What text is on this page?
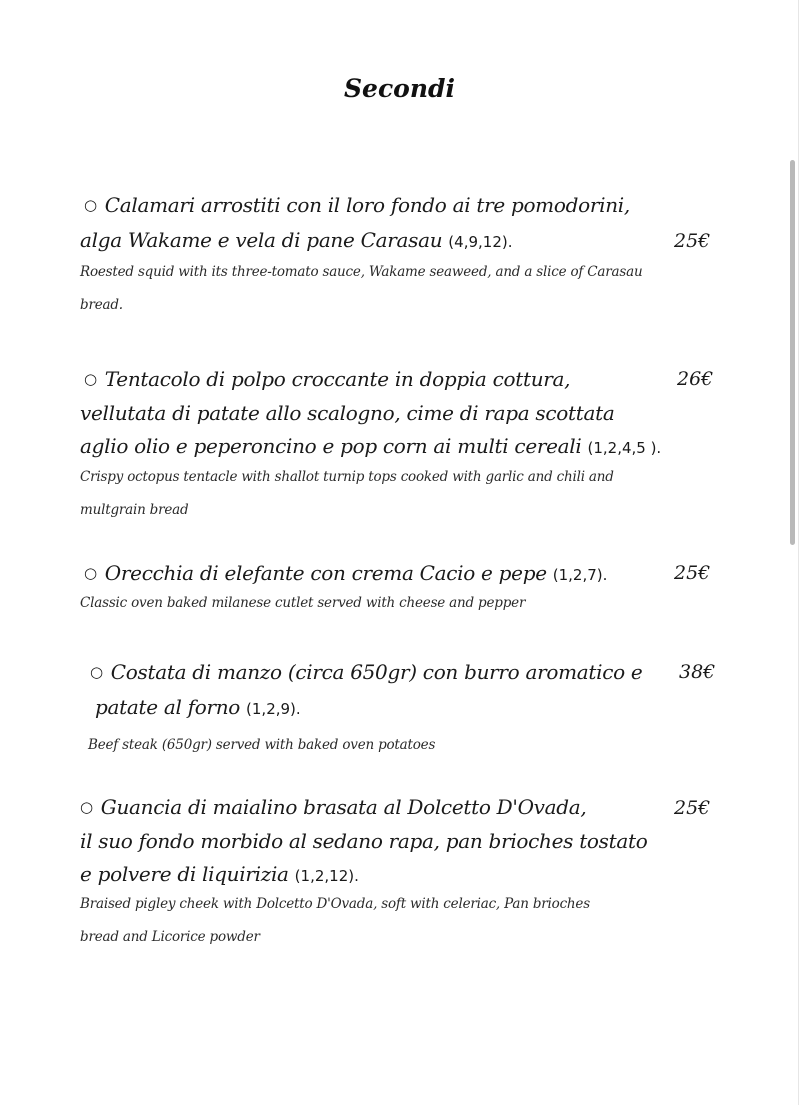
Secondi
○ Calamari arrostiti con il loro fondo ai tre pomodorini,
alga Wakame e vela di pane Carasau (4,9,12).	25€
Roested squid with its three-tomato sauce, Wakame seaweed, and a slice of Carasau
bread.
○ Tentacolo di polpo croccante in doppia cottura,	26€
vellutata di patate allo scalogno, cime di rapa scottata
aglio olio e peperoncino e pop corn ai multi cereali (1,2,4,5 ).
Crispy octopus tentacle with shallot turnip tops cooked with garlic and chili and
multgrain bread
○ Orecchia di elefante con crema Cacio e pepe (1,2,7).	25€
Classic oven baked milanese cutlet served with cheese and pepper
○ Costata di manzo (circa 650gr) con burro aromatico e 38€
patate al forno (1,2,9).
Beef steak (650gr) served with baked oven potatoes
○ Guancia di maialino brasata al Dolcetto D'Ovada,	25€
il suo fondo morbido al sedano rapa, pan brioches tostato
e polvere di liquirizia (1,2,12).
Braised pigley cheek with Dolcetto D'Ovada, soft with celeriac, Pan brioches
bread and Licorice powder
